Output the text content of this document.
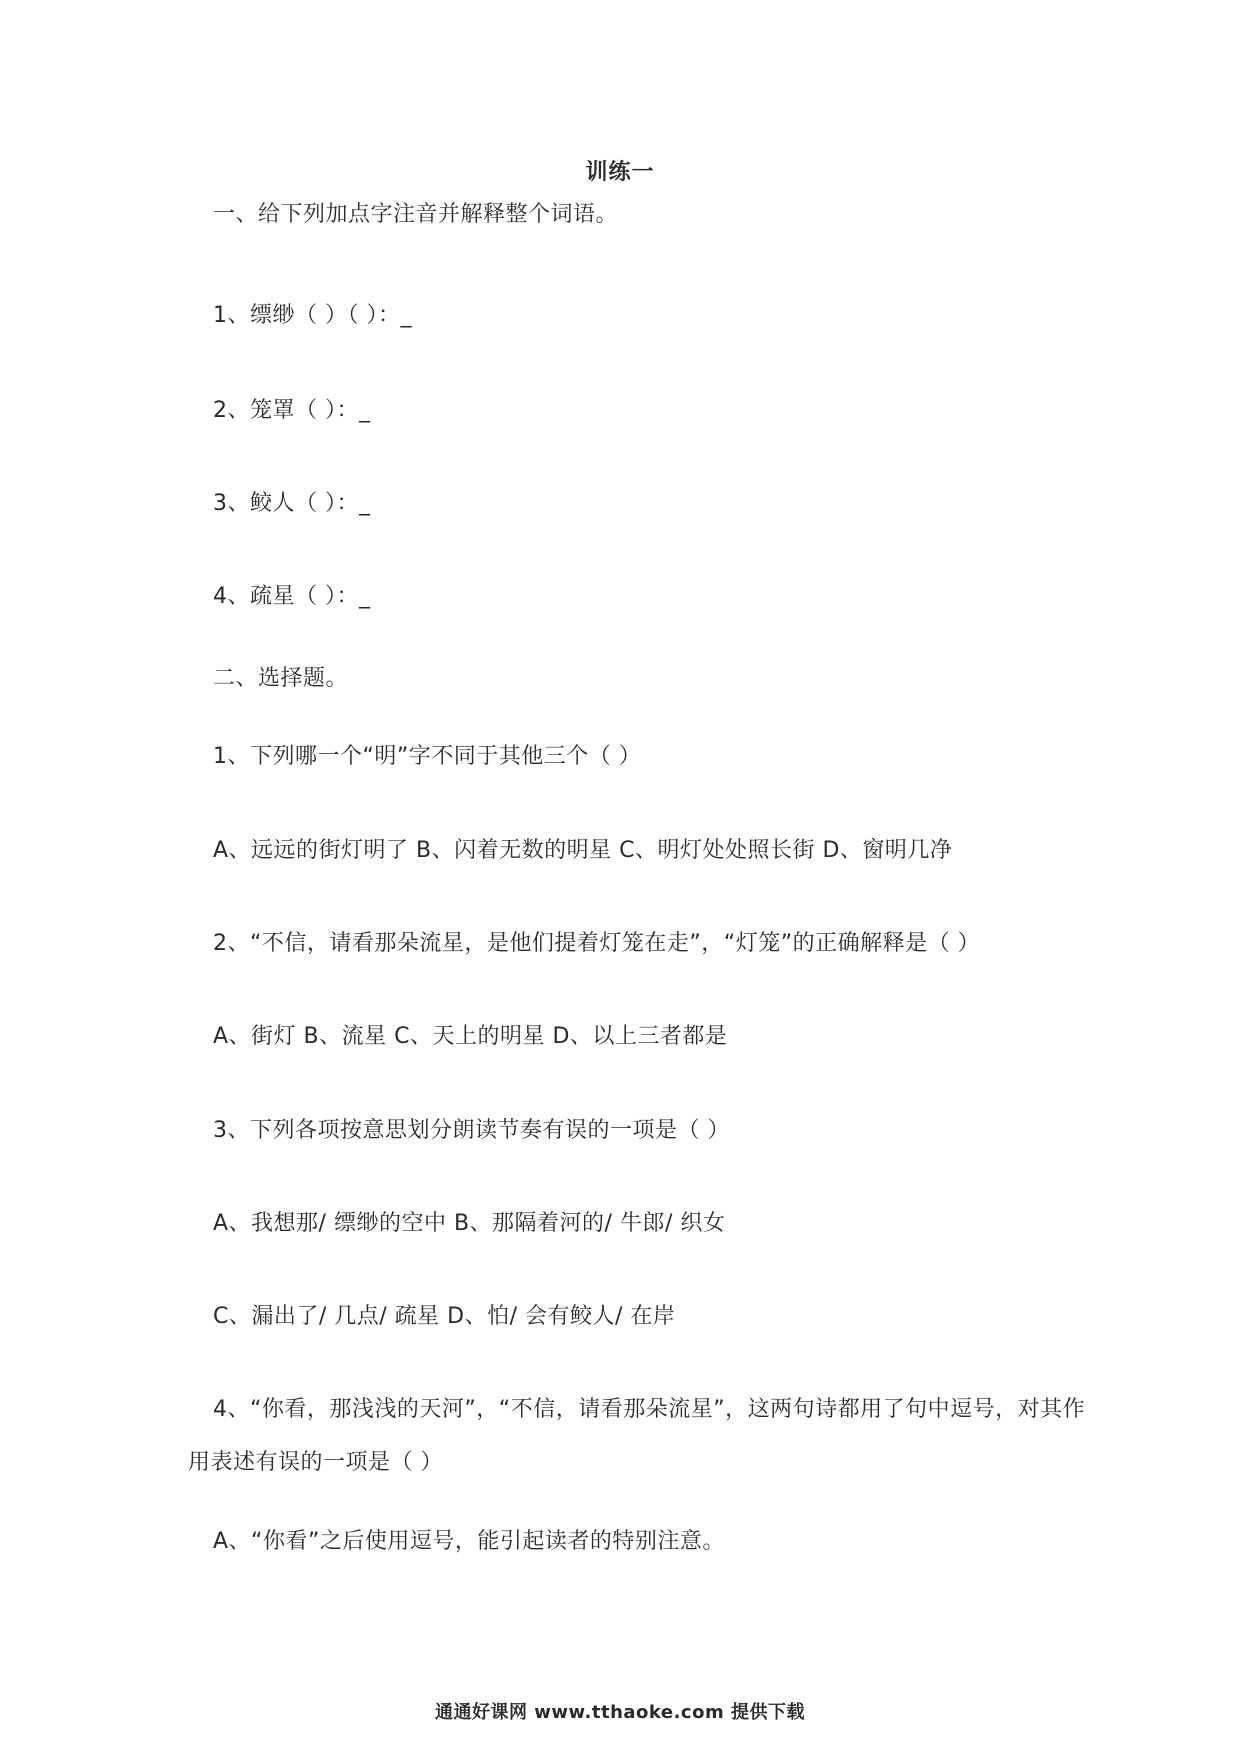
训练一
一、给下列加点字注音并解释整个词语。
1、缥缈（ ）（ ）：_
2、笼罩（ ）：_
3、鲛人（ ）：_
4、疏星（ ）：_
二、选择题。
1、下列哪一个“明”字不同于其他三个（ ）
A、远远的街灯明了 B、闪着无数的明星 C、明灯处处照长街 D、窗明几净
2、“不信，请看那朵流星，是他们提着灯笼在走”，“灯笼”的正确解释是（ ）
A、街灯 B、流星 C、天上的明星 D、以上三者都是
3、下列各项按意思划分朗读节奏有误的一项是（ ）
A、我想那/ 缥缈的空中 B、那隔着河的/ 牛郎/ 织女
C、漏出了/ 几点/ 疏星 D、怕/ 会有鲛人/ 在岸
4、“你看，那浅浅的天河”，“不信，请看那朵流星”，这两句诗都用了句中逗号，对其作
用表述有误的一项是（ ）
A、“你看”之后使用逗号，能引起读者的特别注意。
通通好课网 www.tthaoke.com 提供下载
